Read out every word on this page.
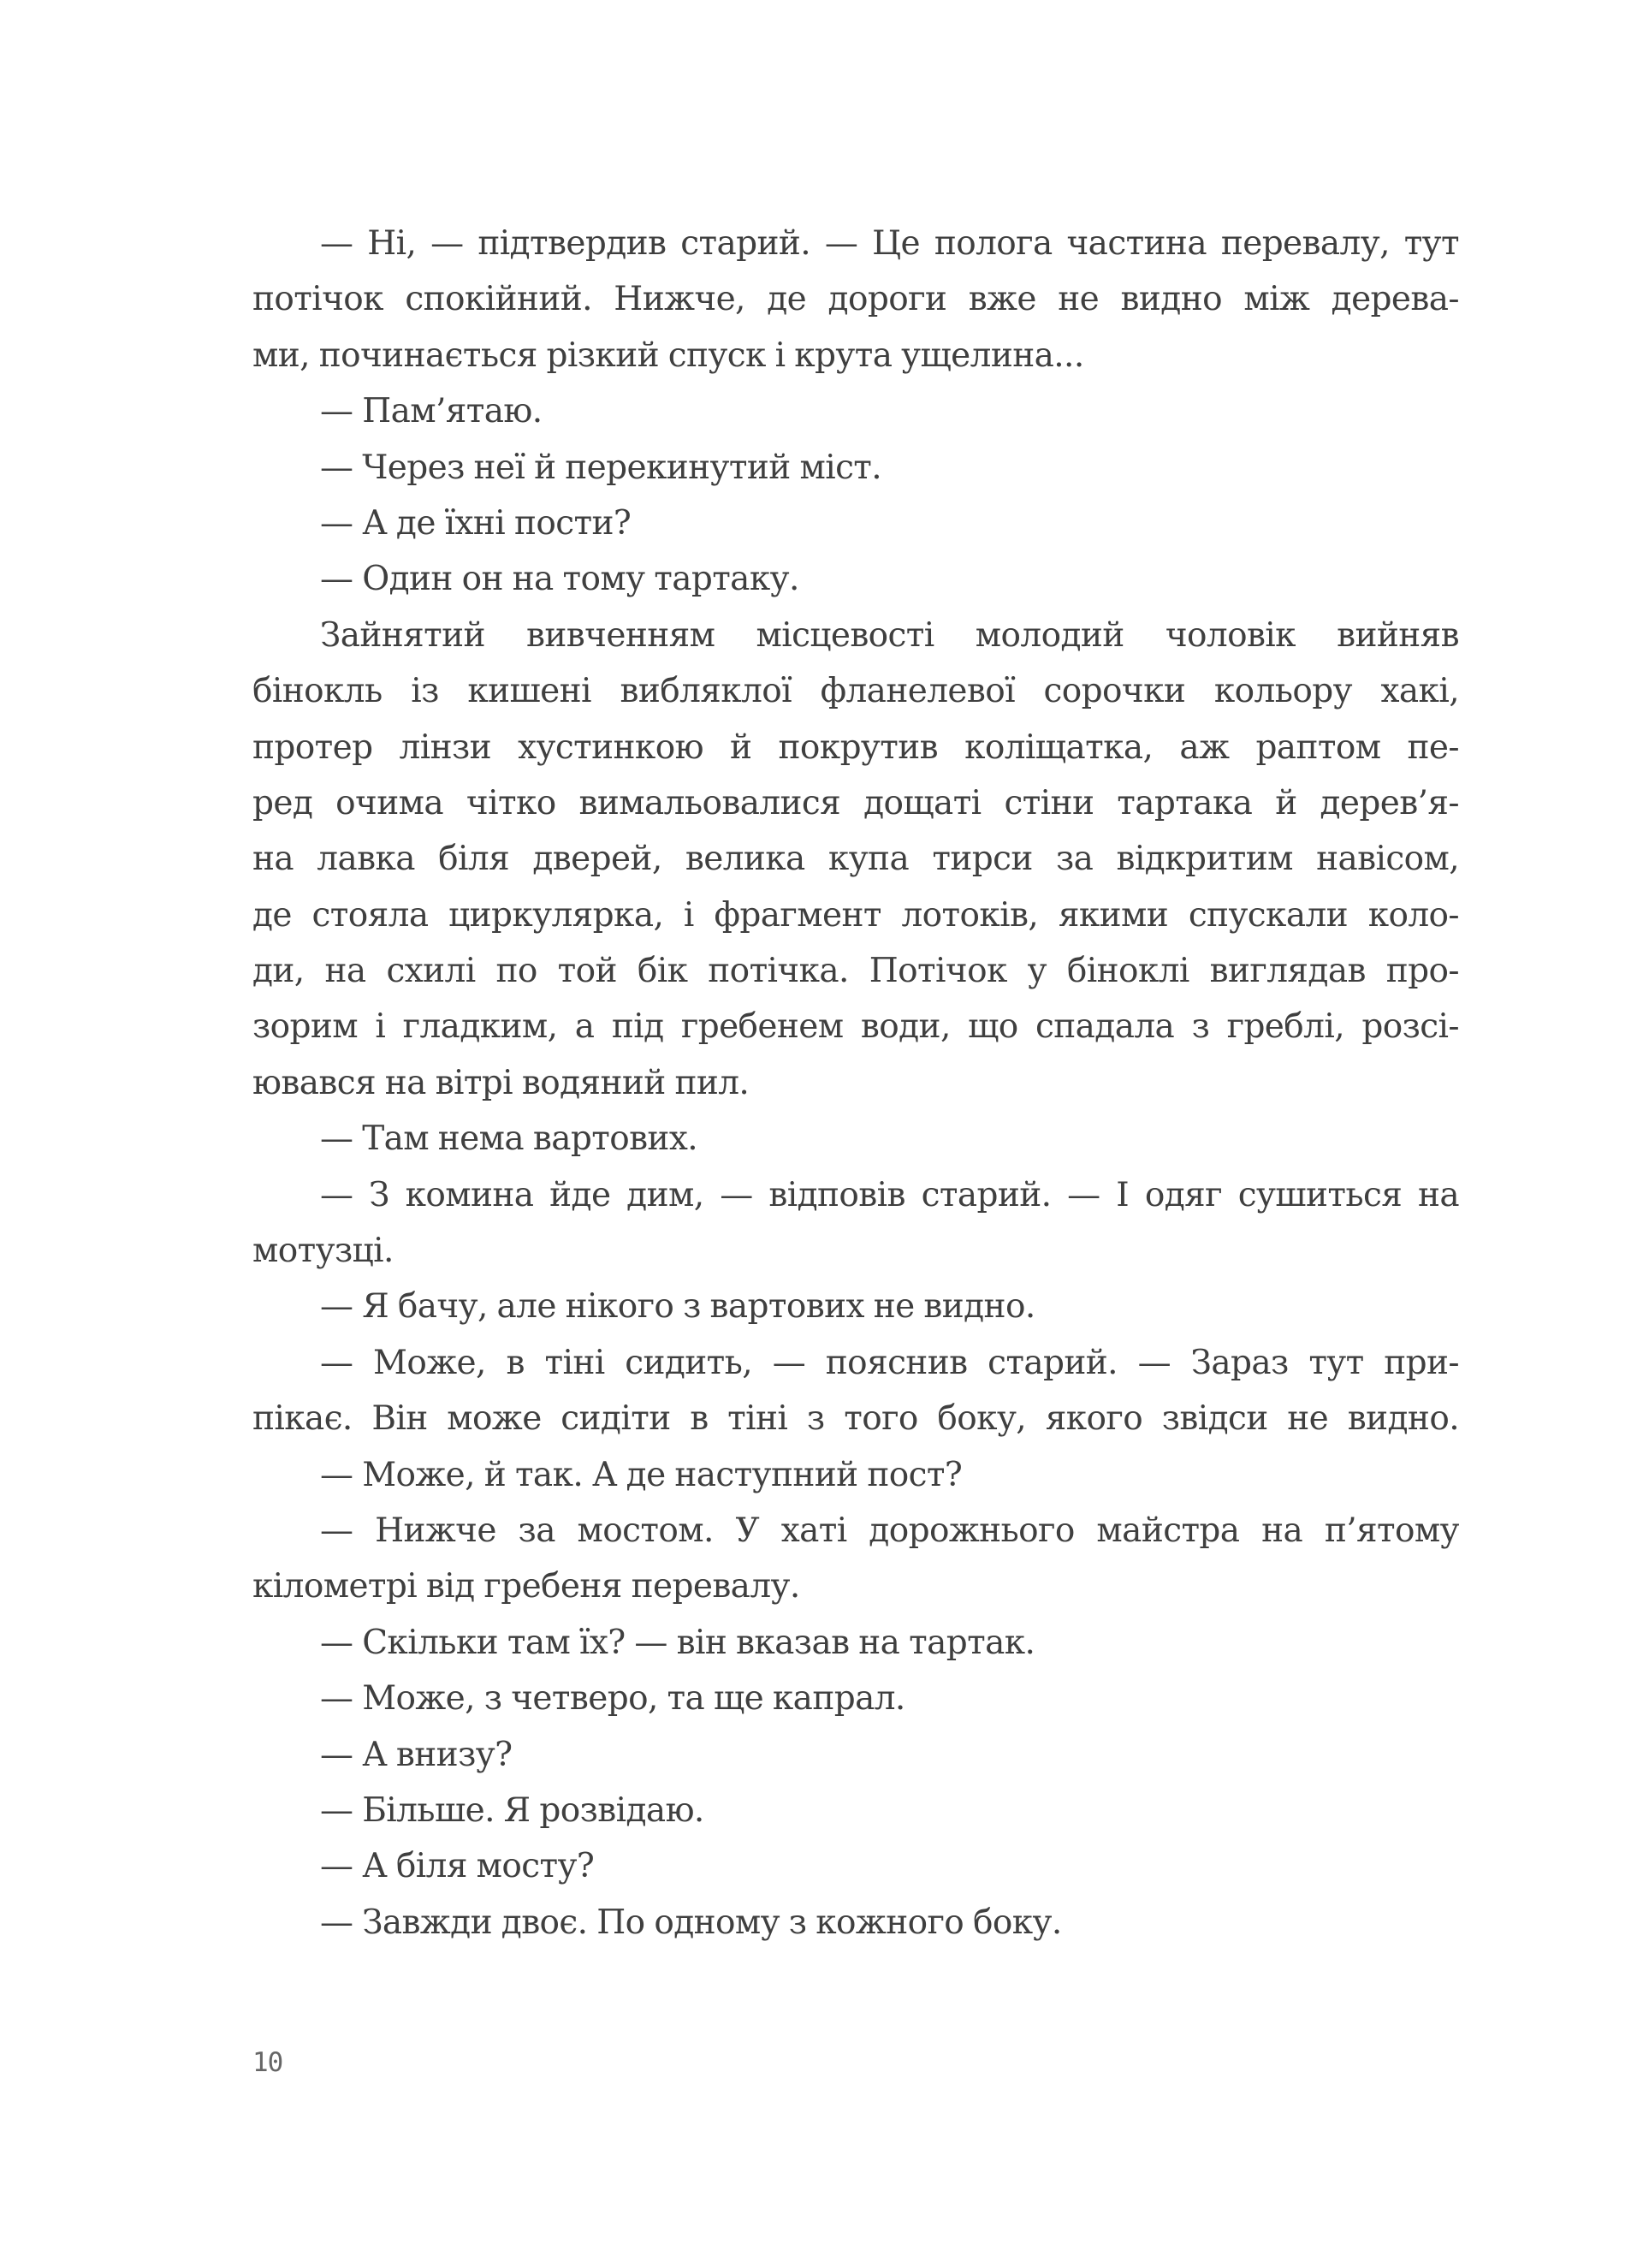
— Ні, — підтвердив старий. — Це полога частина перевалу, тут
потічок спокійний. Нижче, де дороги вже не видно між дерева-
ми, починається різкий спуск і крута ущелина...
— Пам’ятаю.
— Через неї й перекинутий міст.
— А де їхні пости?
— Один он на тому тартаку.
Зайнятий вивченням місцевості молодий чоловік вийняв
бінокль із кишені вибляклої фланелевої сорочки кольору хакі,
протер лінзи хустинкою й покрутив коліщатка, аж раптом пе-
ред очима чітко вимальовалися дощаті стіни тартака й дерев’я-
на лавка біля дверей, велика купа тирси за відкритим навісом,
де стояла циркулярка, і фрагмент лотоків, якими спускали коло-
ди, на схилі по той бік потічка. Потічок у біноклі виглядав про-
зорим і гладким, а під гребенем води, що спадала з греблі, розсі-
ювався на вітрі водяний пил.
— Там нема вартових.
— З комина йде дим, — відповів старий. — І одяг сушиться на
мотузці.
— Я бачу, але нікого з вартових не видно.
— Може, в тіні сидить, — пояснив старий. — Зараз тут при-
пікає. Він може сидіти в тіні з того боку, якого звідси не видно.
— Може, й так. А де наступний пост?
— Нижче за мостом. У хаті дорожнього майстра на п’ятому
кілометрі від гребеня перевалу.
— Скільки там їх? — він вказав на тартак.
— Може, з четверо, та ще капрал.
— А внизу?
— Більше. Я розвідаю.
— А біля мосту?
— Завжди двоє. По одному з кожного боку.
10
